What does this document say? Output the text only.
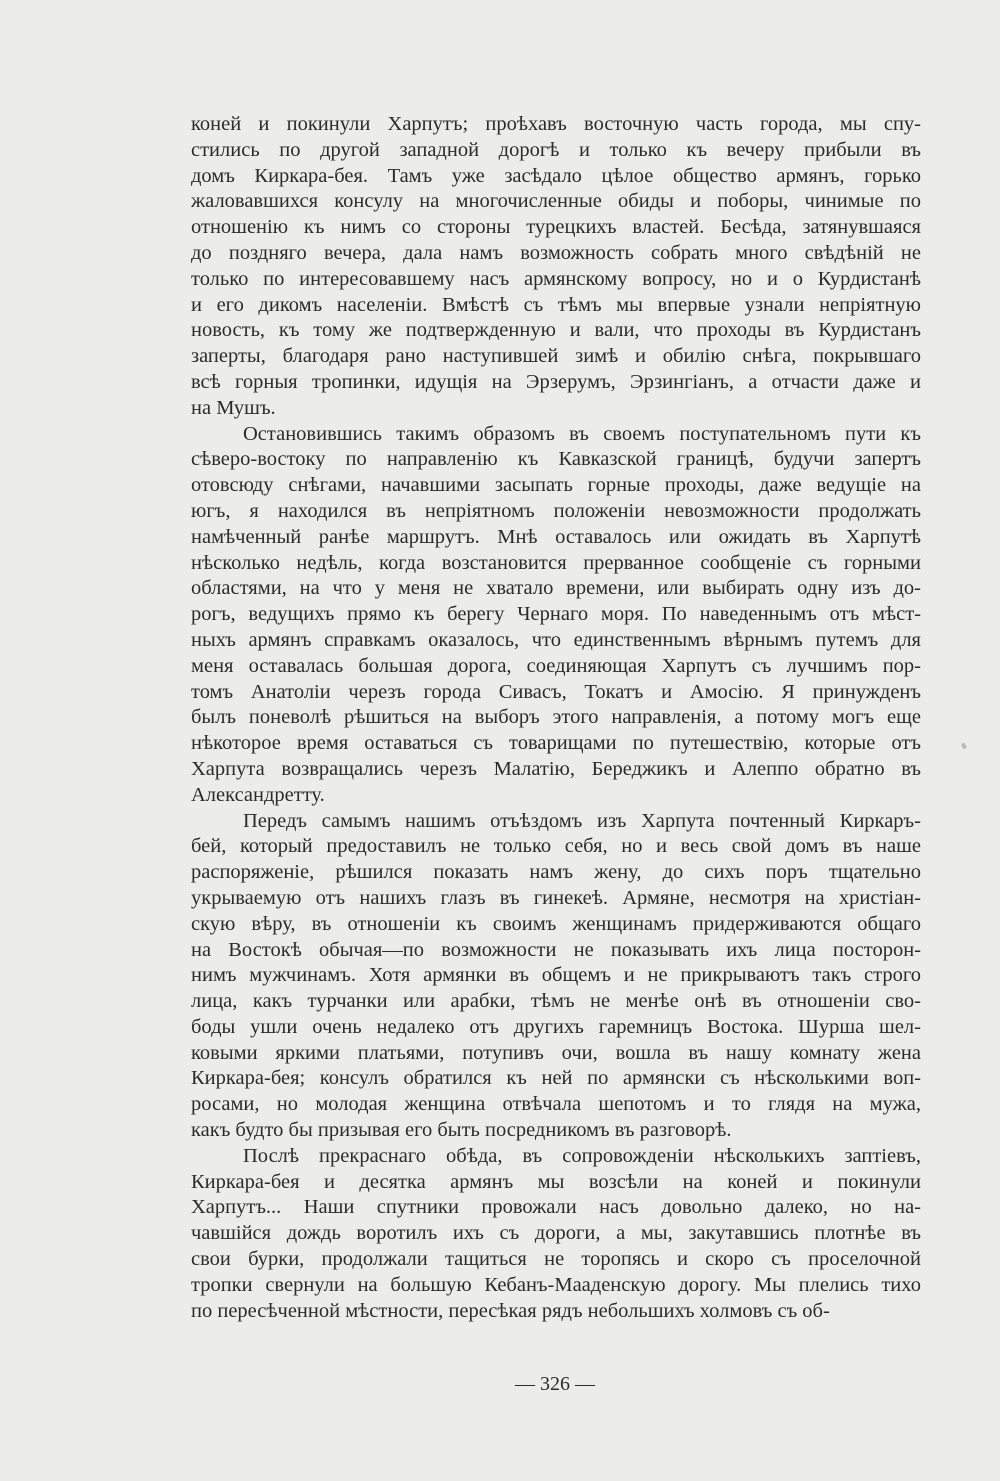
коней и покинули Харпутъ; проѣхавъ восточную часть города, мы спу-
стились по другой западной дорогѣ и только къ вечеру прибыли въ
домъ Киркара-бея. Тамъ уже засѣдало цѣлое общество армянъ, горько
жаловавшихся консулу на многочисленные обиды и поборы, чинимые по
отношенію къ нимъ со стороны турецкихъ властей. Бесѣда, затянувшаяся
до поздняго вечера, дала намъ возможность собрать много свѣдѣній не
только по интересовавшему насъ армянскому вопросу, но и о Курдистанѣ
и его дикомъ населеніи. Вмѣстѣ съ тѣмъ мы впервые узнали непріятную
новость, къ тому же подтвержденную и вали, что проходы въ Курдистанъ
заперты, благодаря рано наступившей зимѣ и обилію снѣга, покрывшаго
всѣ горныя тропинки, идущія на Эрзерумъ, Эрзингіанъ, а отчасти даже и
на Мушъ.
Остановившись такимъ образомъ въ своемъ поступательномъ пути къ
сѣверо-востоку по направленію къ Кавказской границѣ, будучи запертъ
отовсюду снѣгами, начавшими засыпать горные проходы, даже ведущіе на
югъ, я находился въ непріятномъ положеніи невозможности продолжать
намѣченный ранѣе маршрутъ. Мнѣ оставалось или ожидать въ Харпутѣ
нѣсколько недѣль, когда возстановится прерванное сообщеніе съ горными
областями, на что у меня не хватало времени, или выбирать одну изъ до-
рогъ, ведущихъ прямо къ берегу Чернаго моря. По наведеннымъ отъ мѣст-
ныхъ армянъ справкамъ оказалось, что единственнымъ вѣрнымъ путемъ для
меня оставалась большая дорога, соединяющая Харпутъ съ лучшимъ пор-
томъ Анатоліи черезъ города Сивасъ, Токатъ и Амосію. Я принужденъ
былъ поневолѣ рѣшиться на выборъ этого направленія, а потому могъ еще
нѣкоторое время оставаться съ товарищами по путешествію, которые отъ
Харпута возвращались черезъ Малатію, Береджикъ и Алеппо обратно въ
Александретту.
Передъ самымъ нашимъ отъѣздомъ изъ Харпута почтенный Киркаръ-
бей, который предоставилъ не только себя, но и весь свой домъ въ наше
распоряженіе, рѣшился показать намъ жену, до сихъ поръ тщательно
укрываемую отъ нашихъ глазъ въ гинекеѣ. Армяне, несмотря на христіан-
скую вѣру, въ отношеніи къ своимъ женщинамъ придерживаются общаго
на Востокѣ обычая—по возможности не показывать ихъ лица посторон-
нимъ мужчинамъ. Хотя армянки въ общемъ и не прикрываютъ такъ строго
лица, какъ турчанки или арабки, тѣмъ не менѣе онѣ въ отношеніи сво-
боды ушли очень недалеко отъ другихъ гаремницъ Востока. Шурша шел-
ковыми яркими платьями, потупивъ очи, вошла въ нашу комнату жена
Киркара-бея; консулъ обратился къ ней по армянски съ нѣсколькими воп-
росами, но молодая женщина отвѣчала шепотомъ и то глядя на мужа,
какъ будто бы призывая его быть посредникомъ въ разговорѣ.
Послѣ прекраснаго обѣда, въ сопровожденіи нѣсколькихъ заптіевъ,
Киркара-бея и десятка армянъ мы возсѣли на коней и покинули
Харпутъ... Наши спутники провожали насъ довольно далеко, но на-
чавшійся дождь воротилъ ихъ съ дороги, а мы, закутавшись плотнѣе въ
свои бурки, продолжали тащиться не торопясь и скоро съ проселочной
тропки свернули на большую Кебанъ-Мааденскую дорогу. Мы плелись тихо
по пересѣченной мѣстности, пересѣкая рядъ небольшихъ холмовъ съ об-
— 326 —
